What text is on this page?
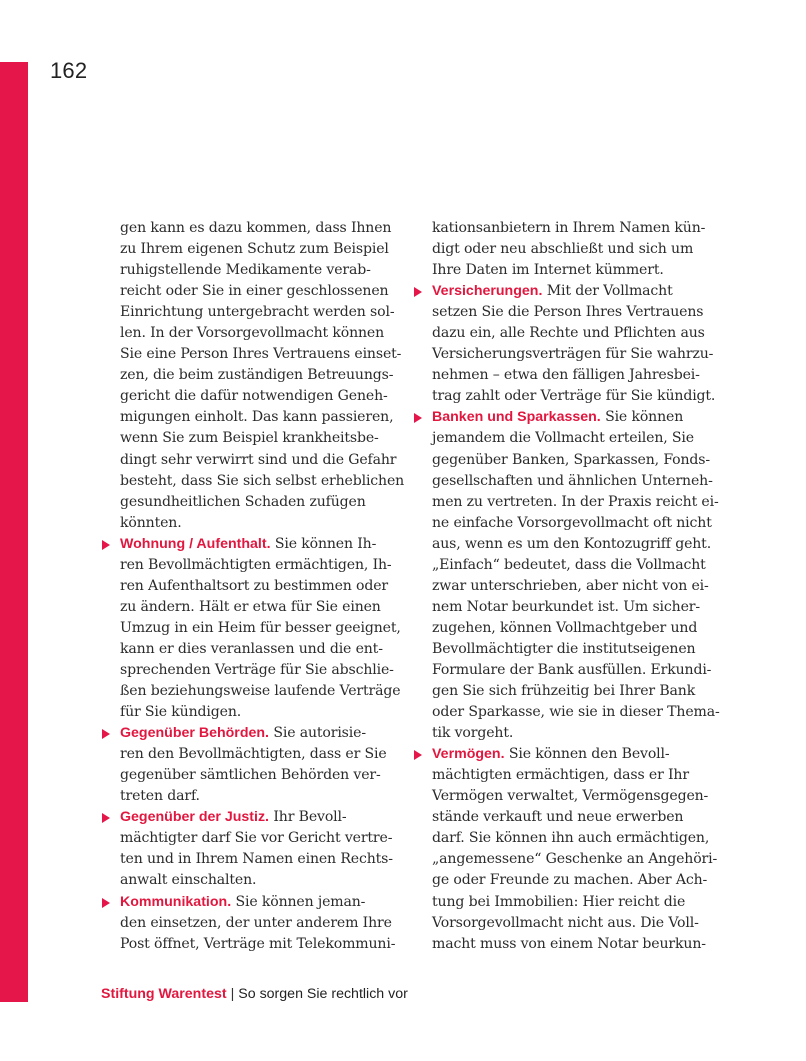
162
gen kann es dazu kommen, dass Ihnen
zu Ihrem eigenen Schutz zum Beispiel
ruhigstellende Medikamente verab-
reicht oder Sie in einer geschlossenen
Einrichtung untergebracht werden sol-
len. In der Vorsorgevollmacht können
Sie eine Person Ihres Vertrauens einset-
zen, die beim zuständigen Betreuungs-
gericht die dafür notwendigen Geneh-
migungen einholt. Das kann passieren,
wenn Sie zum Beispiel krankheitsbe-
dingt sehr verwirrt sind und die Gefahr
besteht, dass Sie sich selbst erheblichen
gesundheitlichen Schaden zufügen
könnten.
Wohnung / Aufenthalt. Sie können Ih-
ren Bevollmächtigten ermächtigen, Ih-
ren Aufenthaltsort zu bestimmen oder
zu ändern. Hält er etwa für Sie einen
Umzug in ein Heim für besser geeignet,
kann er dies veranlassen und die ent-
sprechenden Verträge für Sie abschlie-
ßen beziehungsweise laufende Verträge
für Sie kündigen.
Gegenüber Behörden. Sie autorisie-
ren den Bevollmächtigten, dass er Sie
gegenüber sämtlichen Behörden ver-
treten darf.
Gegenüber der Justiz. Ihr Bevoll-
mächtigter darf Sie vor Gericht vertre-
ten und in Ihrem Namen einen Rechts-
anwalt einschalten.
Kommunikation. Sie können jeman-
den einsetzen, der unter anderem Ihre
Post öffnet, Verträge mit Telekommuni-
kationsanbietern in Ihrem Namen kün-
digt oder neu abschließt und sich um
Ihre Daten im Internet kümmert.
Versicherungen. Mit der Vollmacht
setzen Sie die Person Ihres Vertrauens
dazu ein, alle Rechte und Pflichten aus
Versicherungsverträgen für Sie wahrzu-
nehmen – etwa den fälligen Jahresbei-
trag zahlt oder Verträge für Sie kündigt.
Banken und Sparkassen. Sie können
jemandem die Vollmacht erteilen, Sie
gegenüber Banken, Sparkassen, Fonds-
gesellschaften und ähnlichen Unterneh-
men zu vertreten. In der Praxis reicht ei-
ne einfache Vorsorgevollmacht oft nicht
aus, wenn es um den Kontozugriff geht.
„Einfach“ bedeutet, dass die Vollmacht
zwar unterschrieben, aber nicht von ei-
nem Notar beurkundet ist. Um sicher-
zugehen, können Vollmachtgeber und
Bevollmächtigter die institutseigenen
Formulare der Bank ausfüllen. Erkundi-
gen Sie sich frühzeitig bei Ihrer Bank
oder Sparkasse, wie sie in dieser Thema-
tik vorgeht.
Vermögen. Sie können den Bevoll-
mächtigten ermächtigen, dass er Ihr
Vermögen verwaltet, Vermögensgegen-
stände verkauft und neue erwerben
darf. Sie können ihn auch ermächtigen,
„angemessene“ Geschenke an Angehöri-
ge oder Freunde zu machen. Aber Ach-
tung bei Immobilien: Hier reicht die
Vorsorgevollmacht nicht aus. Die Voll-
macht muss von einem Notar beurkun-
Stiftung Warentest | So sorgen Sie rechtlich vor
